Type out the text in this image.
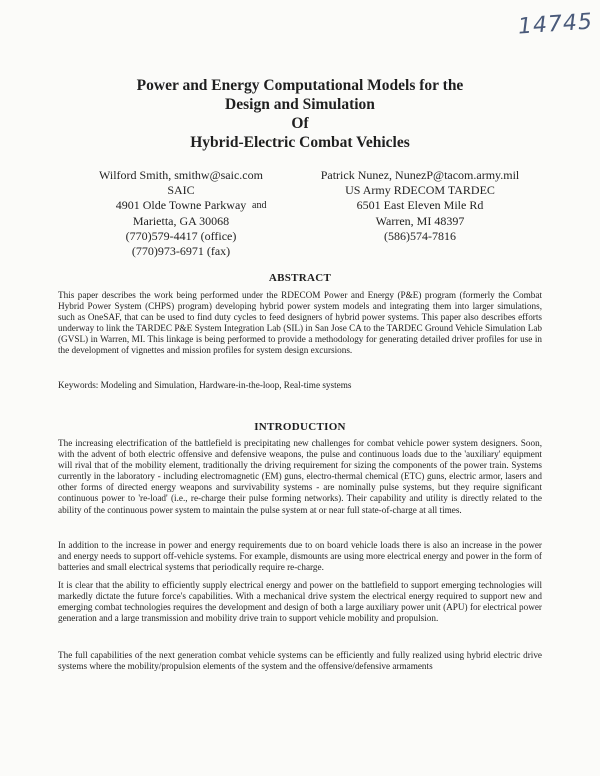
14745
Power and Energy Computational Models for the
Design and Simulation
Of
Hybrid-Electric Combat Vehicles
Wilford Smith, smithw@saic.com
SAIC
4901 Olde Towne Parkway
Marietta, GA 30068
(770)579-4417 (office)
(770)973-6971 (fax)
and
Patrick Nunez, NunezP@tacom.army.mil
US Army RDECOM TARDEC
6501 East Eleven Mile Rd
Warren, MI 48397
(586)574-7816
ABSTRACT
This paper describes the work being performed under the RDECOM Power and Energy (P&E) program (formerly the Combat Hybrid Power System (CHPS) program) developing hybrid power system models and integrating them into larger simulations, such as OneSAF, that can be used to find duty cycles to feed designers of hybrid power systems. This paper also describes efforts underway to link the TARDEC P&E System Integration Lab (SIL) in San Jose CA to the TARDEC Ground Vehicle Simulation Lab (GVSL) in Warren, MI. This linkage is being performed to provide a methodology for generating detailed driver profiles for use in the development of vignettes and mission profiles for system design excursions.
Keywords: Modeling and Simulation, Hardware-in-the-loop, Real-time systems
INTRODUCTION
The increasing electrification of the battlefield is precipitating new challenges for combat vehicle power system designers. Soon, with the advent of both electric offensive and defensive weapons, the pulse and continuous loads due to the 'auxiliary' equipment will rival that of the mobility element, traditionally the driving requirement for sizing the components of the power train. Systems currently in the laboratory - including electromagnetic (EM) guns, electro-thermal chemical (ETC) guns, electric armor, lasers and other forms of directed energy weapons and survivability systems - are nominally pulse systems, but they require significant continuous power to 're-load' (i.e., re-charge their pulse forming networks). Their capability and utility is directly related to the ability of the continuous power system to maintain the pulse system at or near full state-of-charge at all times.
In addition to the increase in power and energy requirements due to on board vehicle loads there is also an increase in the power and energy needs to support off-vehicle systems. For example, dismounts are using more electrical energy and power in the form of batteries and small electrical systems that periodically require re-charge.
It is clear that the ability to efficiently supply electrical energy and power on the battlefield to support emerging technologies will markedly dictate the future force's capabilities. With a mechanical drive system the electrical energy required to support new and emerging combat technologies requires the development and design of both a large auxiliary power unit (APU) for electrical power generation and a large transmission and mobility drive train to support vehicle mobility and propulsion.
The full capabilities of the next generation combat vehicle systems can be efficiently and fully realized using hybrid electric drive systems where the mobility/propulsion elements of the system and the offensive/defensive armaments
